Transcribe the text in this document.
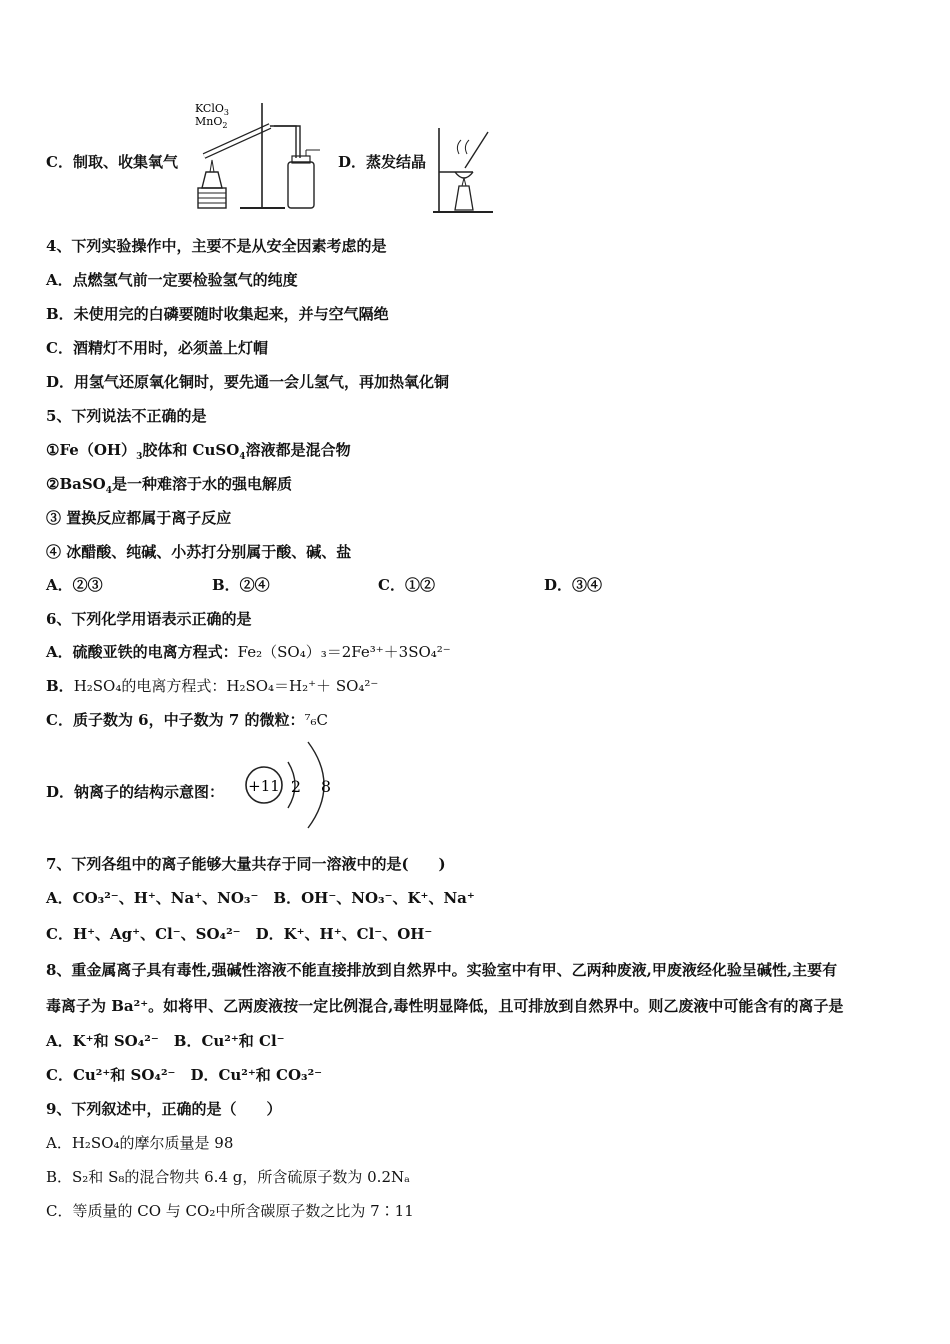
C．制取、收集氧气
KClO$_3$
MnO$_2$
D．蒸发结晶
4、下列实验操作中，主要不是从安全因素考虑的是
A．点燃氢气前一定要检验氢气的纯度
B．未使用完的白磷要随时收集起来，并与空气隔绝
C．酒精灯不用时，必须盖上灯帽
D．用氢气还原氧化铜时，要先通一会儿氢气，再加热氧化铜
5、下列说法不正确的是
$①Fe(OH)_3$胶体和 CuSO$_4$溶液都是混合物
②BaSO$_4$是一种难溶于水的强电解质
③ 置换反应都属于离子反应
④ 冰醋酸、纯碱、小苏打分别属于酸、碱、盐
A．②③	B．②④	C．①②	D．③④
6、下列化学用语表示正确的是
A．硫酸亚铁的电离方程式：Fe₂（SO₄）₃＝2Fe³⁺＋3SO₄²⁻
B．H₂SO₄的电离方程式：H₂SO₄＝H₂⁺＋ SO₄²⁻
C．质子数为 6，中子数为 7 的微粒：⁷₆C
D．钠离子的结构示意图： +11 2 8
7、下列各组中的离子能够大量共存于同一溶液中的是(　　)
A．CO₃²⁻、H⁺、Na⁺、NO₃⁻　B．OH⁻、NO₃⁻、K⁺、Na⁺
C．H⁺、Ag⁺、Cl⁻、SO₄²⁻　D．K⁺、H⁺、Cl⁻、OH⁻
8、重金属离子具有毒性,强碱性溶液不能直接排放到自然界中。实验室中有甲、乙两种废液,甲废液经化验呈碱性,主要有
毒离子为 Ba²⁺。如将甲、乙两废液按一定比例混合,毒性明显降低，且可排放到自然界中。则乙废液中可能含有的离子是
A．K⁺和 SO₄²⁻　B．Cu²⁺和 Cl⁻
C．Cu²⁺和 SO₄²⁻　D．Cu²⁺和 CO₃²⁻
9、下列叙述中，正确的是（　　）
A．H₂SO₄的摩尔质量是 98
B．S₂和 S₈的混合物共 6.4 g，所含硫原子数为 0.2Nₐ
C．等质量的 CO 与 CO₂中所含碳原子数之比为 7∶11
